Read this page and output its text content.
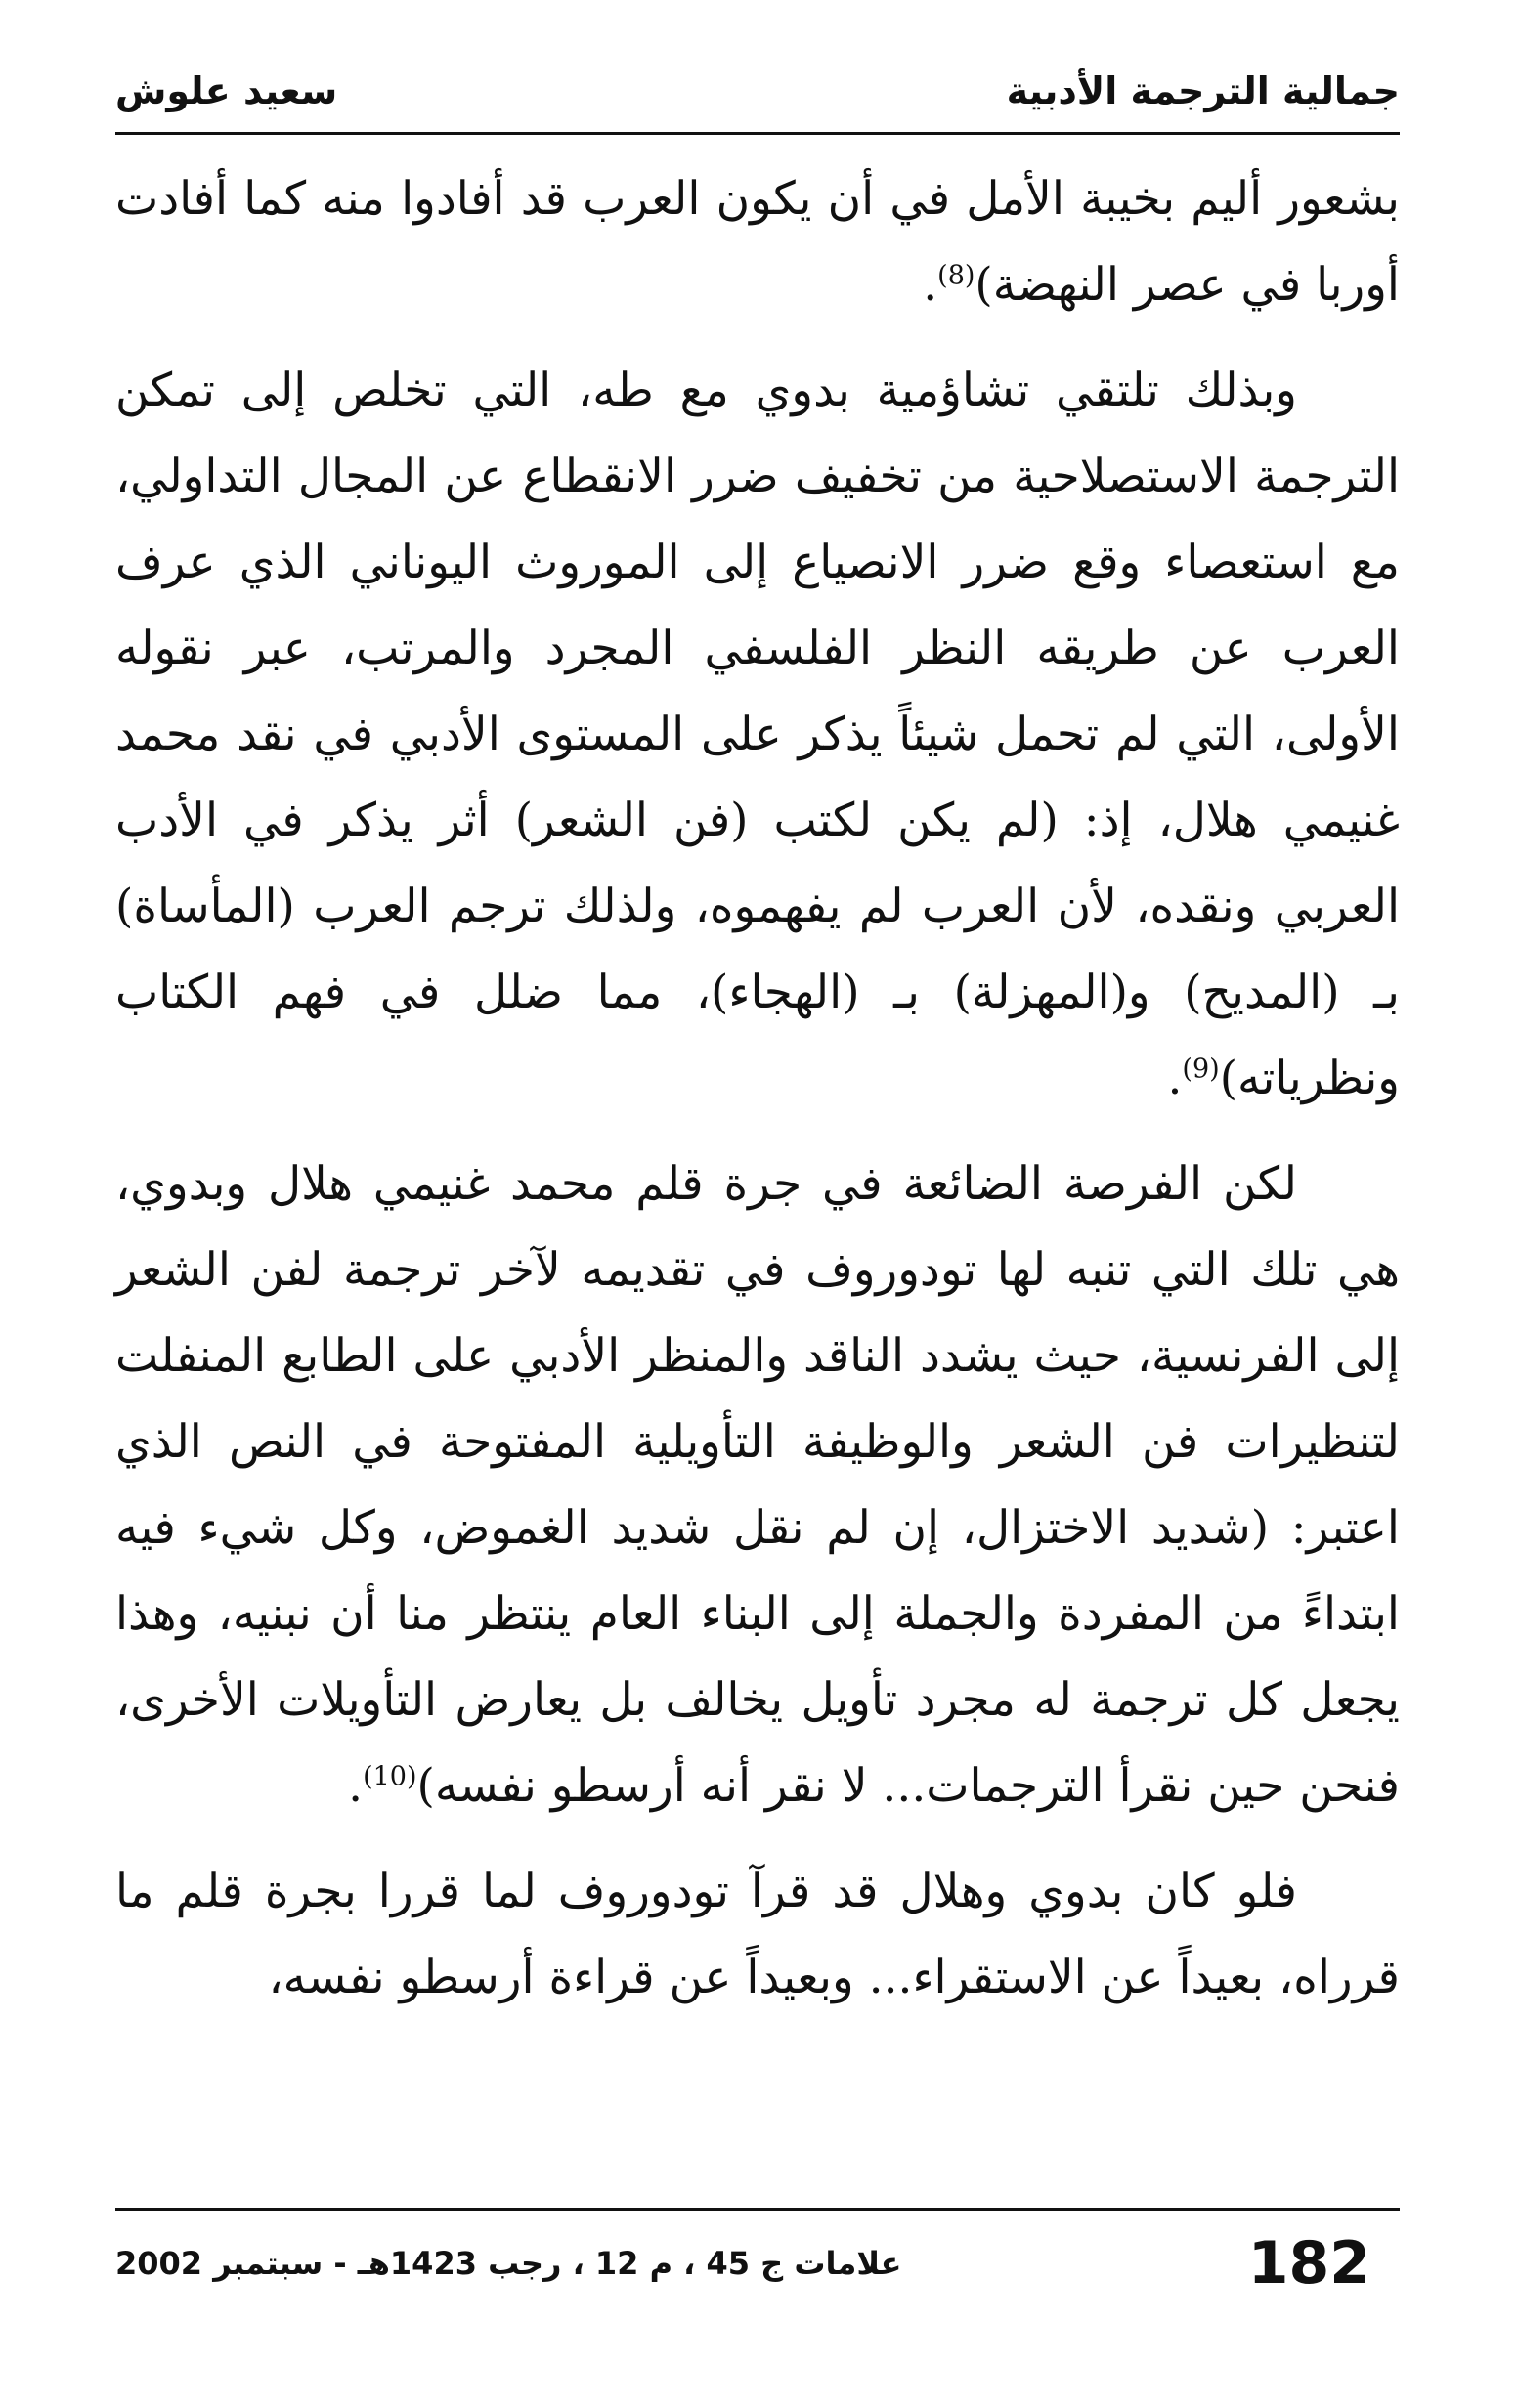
سعيد علوش	جمالية الترجمة الأدبية

بشعور أليم بخيبة الأمل في أن يكون العرب قد أفادوا منه كما أفادت أوربا في عصر النهضة)$^{(8)}$.

وبذلك تلتقي تشاؤمية بدوي مع طه، التي تخلص إلى تمكن الترجمة الاستصلاحية من تخفيف ضرر الانقطاع عن المجال التداولي، مع استعصاء وقع ضرر الانصياع إلى الموروث اليوناني الذي عرف العرب عن طريقه النظر الفلسفي المجرد والمرتب، عبر نقوله الأولى، التي لم تحمل شيئاً يذكر على المستوى الأدبي في نقد محمد غنيمي هلال، إذ: (لم يكن لكتب (فن الشعر) أثر يذكر في الأدب العربي ونقده، لأن العرب لم يفهموه، ولذلك ترجم العرب (المأساة) بـ (المديح) و(المهزلة) بـ (الهجاء)، مما ضلل في فهم الكتاب ونظرياته)$^{(9)}$.

لكن الفرصة الضائعة في جرة قلم محمد غنيمي هلال وبدوي، هي تلك التي تنبه لها تودوروف في تقديمه لآخر ترجمة لفن الشعر إلى الفرنسية، حيث يشدد الناقد والمنظر الأدبي على الطابع المنفلت لتنظيرات فن الشعر والوظيفة التأويلية المفتوحة في النص الذي اعتبر: (شديد الاختزال، إن لم نقل شديد الغموض، وكل شيء فيه ابتداءً من المفردة والجملة إلى البناء العام ينتظر منا أن نبنيه، وهذا يجعل كل ترجمة له مجرد تأويل يخالف بل يعارض التأويلات الأخرى، فنحن حين نقرأ الترجمات... لا نقر أنه أرسطو نفسه)$^{(10)}$.

فلو كان بدوي وهلال قد قرآ تودوروف لما قررا بجرة قلم ما قرراه، بعيداً عن الاستقراء... وبعيداً عن قراءة أرسطو نفسه،

علامات ج 45 ، م 12 ، رجب 1423هـ - سبتمبر 2002	182
